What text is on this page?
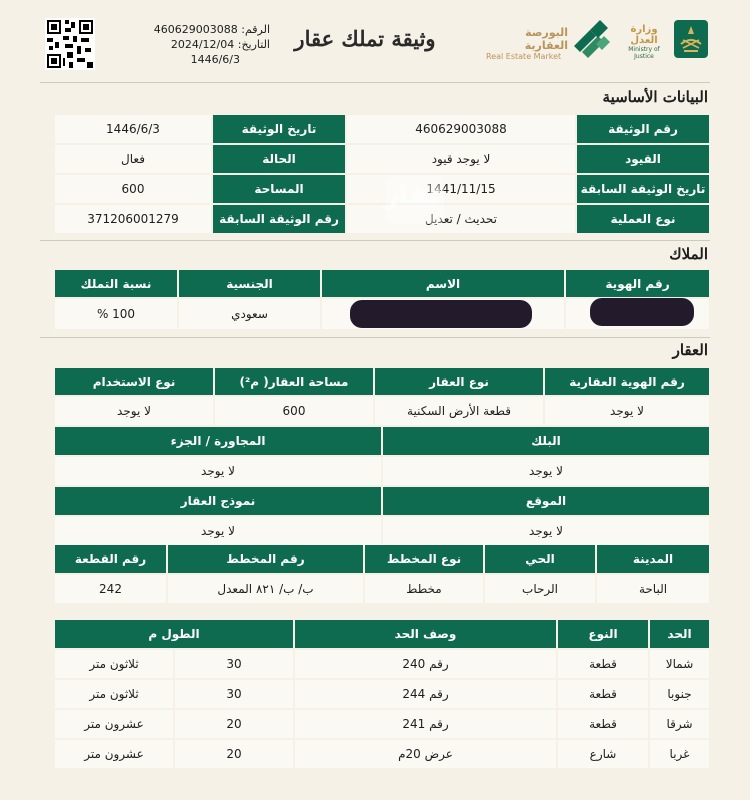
الرقم: 460629003088
التاريخ: 2024/12/04
1446/6/3
وثيقة تملك عقار	البورصة العقارية
Real Estate Market
وزارة العدل
Ministry of Justice
البيانات الأساسية
رقم الوثيقة
460629003088
تاريخ الوثيقة
1446/6/3
القيود
لا يوجد قيود
الحالة
فعال
تاريخ الوثيقة السابقة
1441/11/15
المساحة
600
نوع العملية
تحديث / تعديل
رقم الوثيقة السابقة
371206001279
عقار
الملاك
رقم الهوية
الاسم
الجنسية
نسبة التملك
سعودي
100 %
العقار
رقم الهوية العقارية
نوع العقار
مساحة العقار( م²)
نوع الاستخدام
لا يوجد
قطعة الأرض السكنية
600
لا يوجد
البلك
المجاورة / الجزء
لا يوجد
لا يوجد
الموقع
نموذج العقار
لا يوجد
لا يوجد
المدينة
الحي
نوع المخطط
رقم المخطط
رقم القطعة
الباحة
الرحاب
مخطط
ب/ ب/ ٨٢١ المعدل
242
الحد
النوع
وصف الحد
الطول م
شمالا
قطعة
رقم 240
30
ثلاثون متر
جنوبا
قطعة
رقم 244
30
ثلاثون متر
شرقا
قطعة
رقم 241
20
عشرون متر
غربا
شارع
عرض 20م
20
عشرون متر
